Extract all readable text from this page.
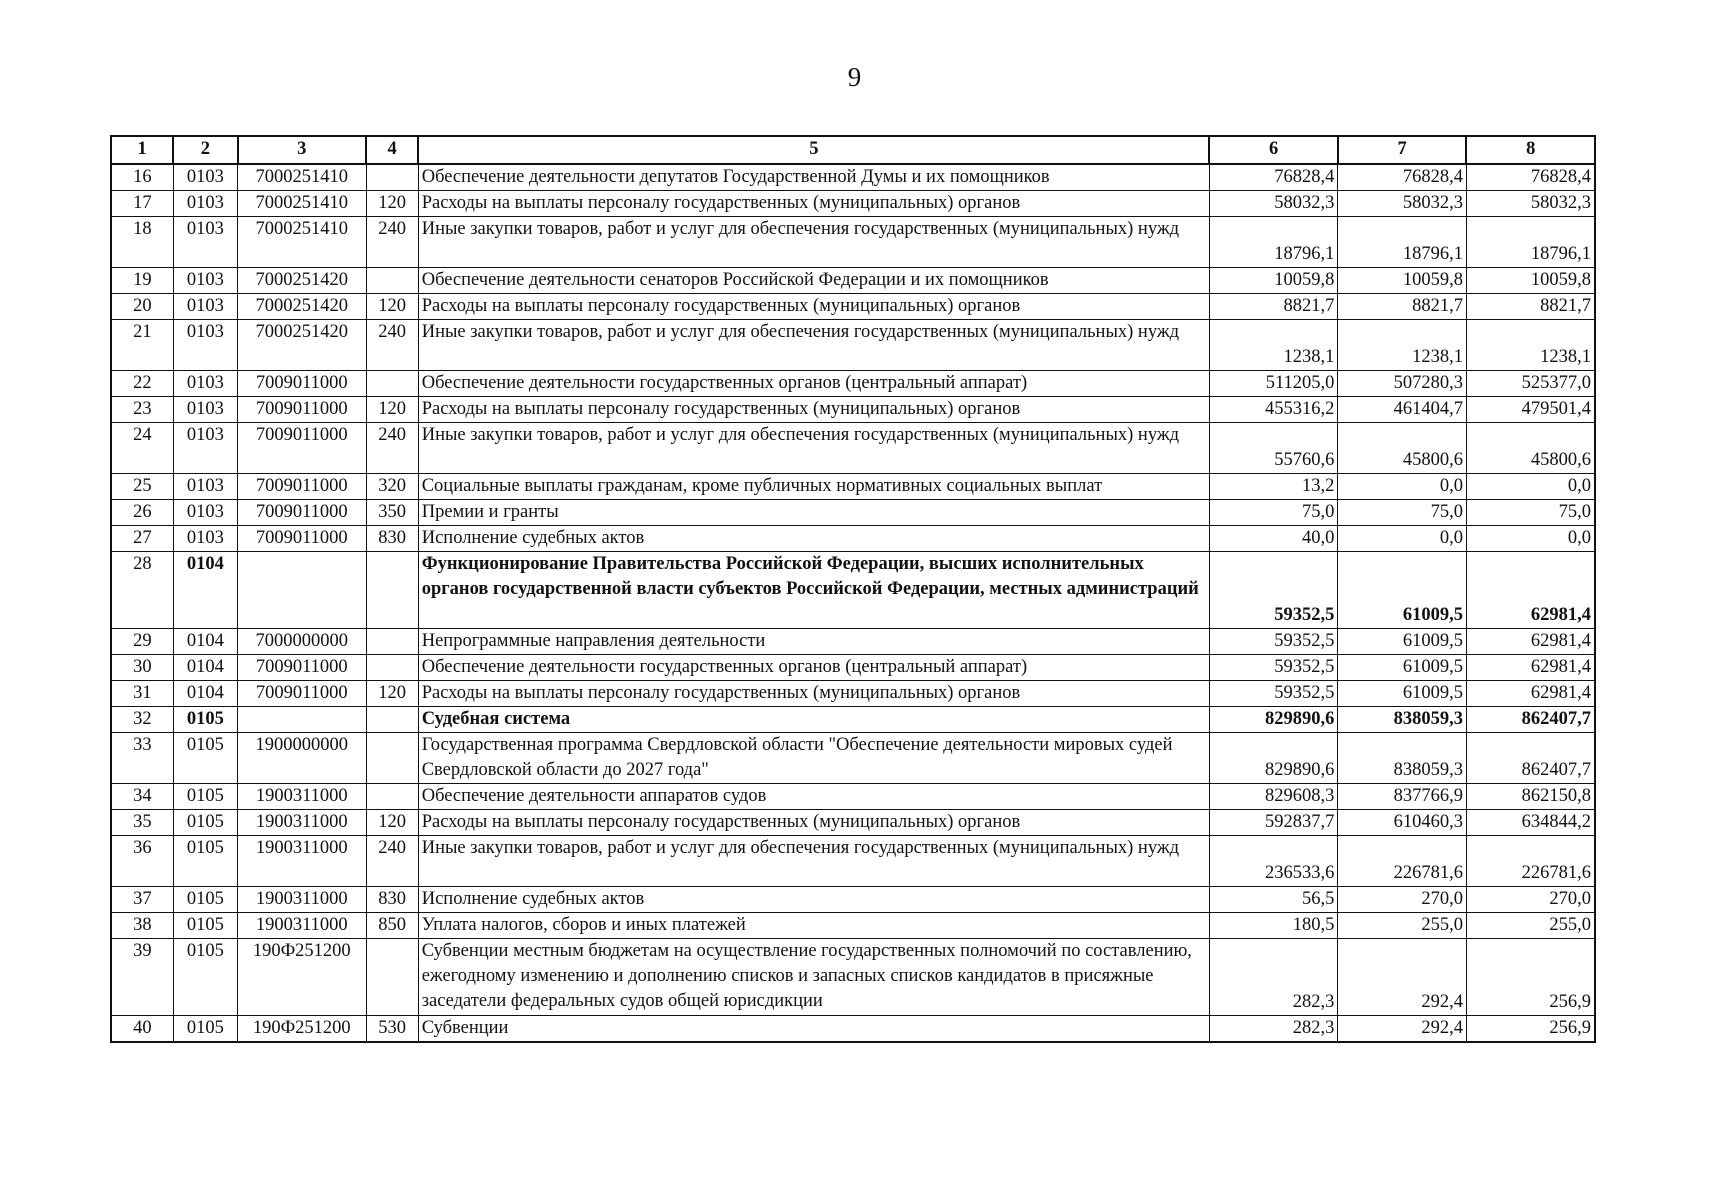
9
1	2	3	4	5	6	7	8
16	0103	7000251410		Обеспечение деятельности депутатов Государственной Думы и их помощников	76828,4	76828,4	76828,4
17	0103	7000251410	120	Расходы на выплаты персоналу государственных (муниципальных) органов	58032,3	58032,3	58032,3
18	0103	7000251410	240	Иные закупки товаров, работ и услуг для обеспечения государственных (муниципальных) нужд	18796,1	18796,1	18796,1
19	0103	7000251420		Обеспечение деятельности сенаторов Российской Федерации и их помощников	10059,8	10059,8	10059,8
20	0103	7000251420	120	Расходы на выплаты персоналу государственных (муниципальных) органов	8821,7	8821,7	8821,7
21	0103	7000251420	240	Иные закупки товаров, работ и услуг для обеспечения государственных (муниципальных) нужд	1238,1	1238,1	1238,1
22	0103	7009011000		Обеспечение деятельности государственных органов (центральный аппарат)	511205,0	507280,3	525377,0
23	0103	7009011000	120	Расходы на выплаты персоналу государственных (муниципальных) органов	455316,2	461404,7	479501,4
24	0103	7009011000	240	Иные закупки товаров, работ и услуг для обеспечения государственных (муниципальных) нужд	55760,6	45800,6	45800,6
25	0103	7009011000	320	Социальные выплаты гражданам, кроме публичных нормативных социальных выплат	13,2	0,0	0,0
26	0103	7009011000	350	Премии и гранты	75,0	75,0	75,0
27	0103	7009011000	830	Исполнение судебных актов	40,0	0,0	0,0
28	0104			Функционирование Правительства Российской Федерации, высших исполнительных органов государственной власти субъектов Российской Федерации, местных администраций	59352,5	61009,5	62981,4
29	0104	7000000000		Непрограммные направления деятельности	59352,5	61009,5	62981,4
30	0104	7009011000		Обеспечение деятельности государственных органов (центральный аппарат)	59352,5	61009,5	62981,4
31	0104	7009011000	120	Расходы на выплаты персоналу государственных (муниципальных) органов	59352,5	61009,5	62981,4
32	0105			Судебная система	829890,6	838059,3	862407,7
33	0105	1900000000		Государственная программа Свердловской области "Обеспечение деятельности мировых судей Свердловской области до 2027 года"	829890,6	838059,3	862407,7
34	0105	1900311000		Обеспечение деятельности аппаратов судов	829608,3	837766,9	862150,8
35	0105	1900311000	120	Расходы на выплаты персоналу государственных (муниципальных) органов	592837,7	610460,3	634844,2
36	0105	1900311000	240	Иные закупки товаров, работ и услуг для обеспечения государственных (муниципальных) нужд	236533,6	226781,6	226781,6
37	0105	1900311000	830	Исполнение судебных актов	56,5	270,0	270,0
38	0105	1900311000	850	Уплата налогов, сборов и иных платежей	180,5	255,0	255,0
39	0105	190Ф251200		Субвенции местным бюджетам на осуществление государственных полномочий по составлению, ежегодному изменению и дополнению списков и запасных списков кандидатов в присяжные заседатели федеральных судов общей юрисдикции	282,3	292,4	256,9
40	0105	190Ф251200	530	Субвенции	282,3	292,4	256,9
